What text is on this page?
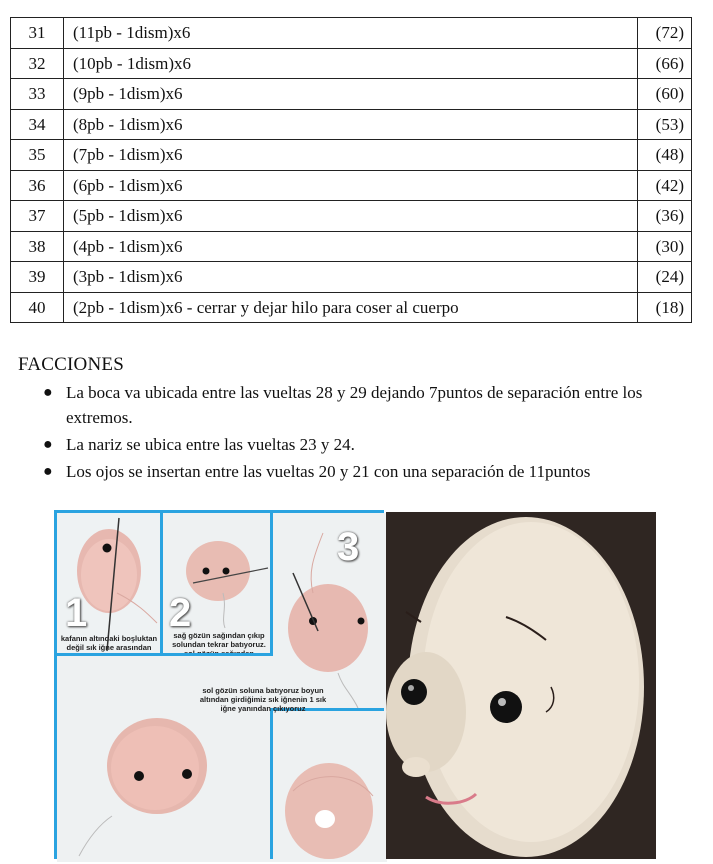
31	(11pb - 1dism)x6	(72)
32	(10pb - 1dism)x6	(66)
33	(9pb - 1dism)x6	(60)
34	(8pb - 1dism)x6	(53)
35	(7pb - 1dism)x6	(48)
36	(6pb - 1dism)x6	(42)
37	(5pb - 1dism)x6	(36)
38	(4pb - 1dism)x6	(30)
39	(3pb - 1dism)x6	(24)
40	(2pb - 1dism)x6 - cerrar y dejar hilo para coser al cuerpo	(18)
FACCIONES
● La boca va ubicada entre las vueltas 28 y 29 dejando 7puntos de separación entre los extremos.
● La nariz se ubica entre las vueltas 23 y 24.
● Los ojos se insertan entre las vueltas 20 y 21 con una separación de 11puntos
1
kafanın altındaki boşluktan değil sık iğne arasından
2
sağ gözün sağından çıkıp solundan tekrar batıyoruz.
3
sol gözün soluna batıyoruz boyun altından girdiğimiz sık iğnenin 1 sık iğne yanından çıkıyoruz
